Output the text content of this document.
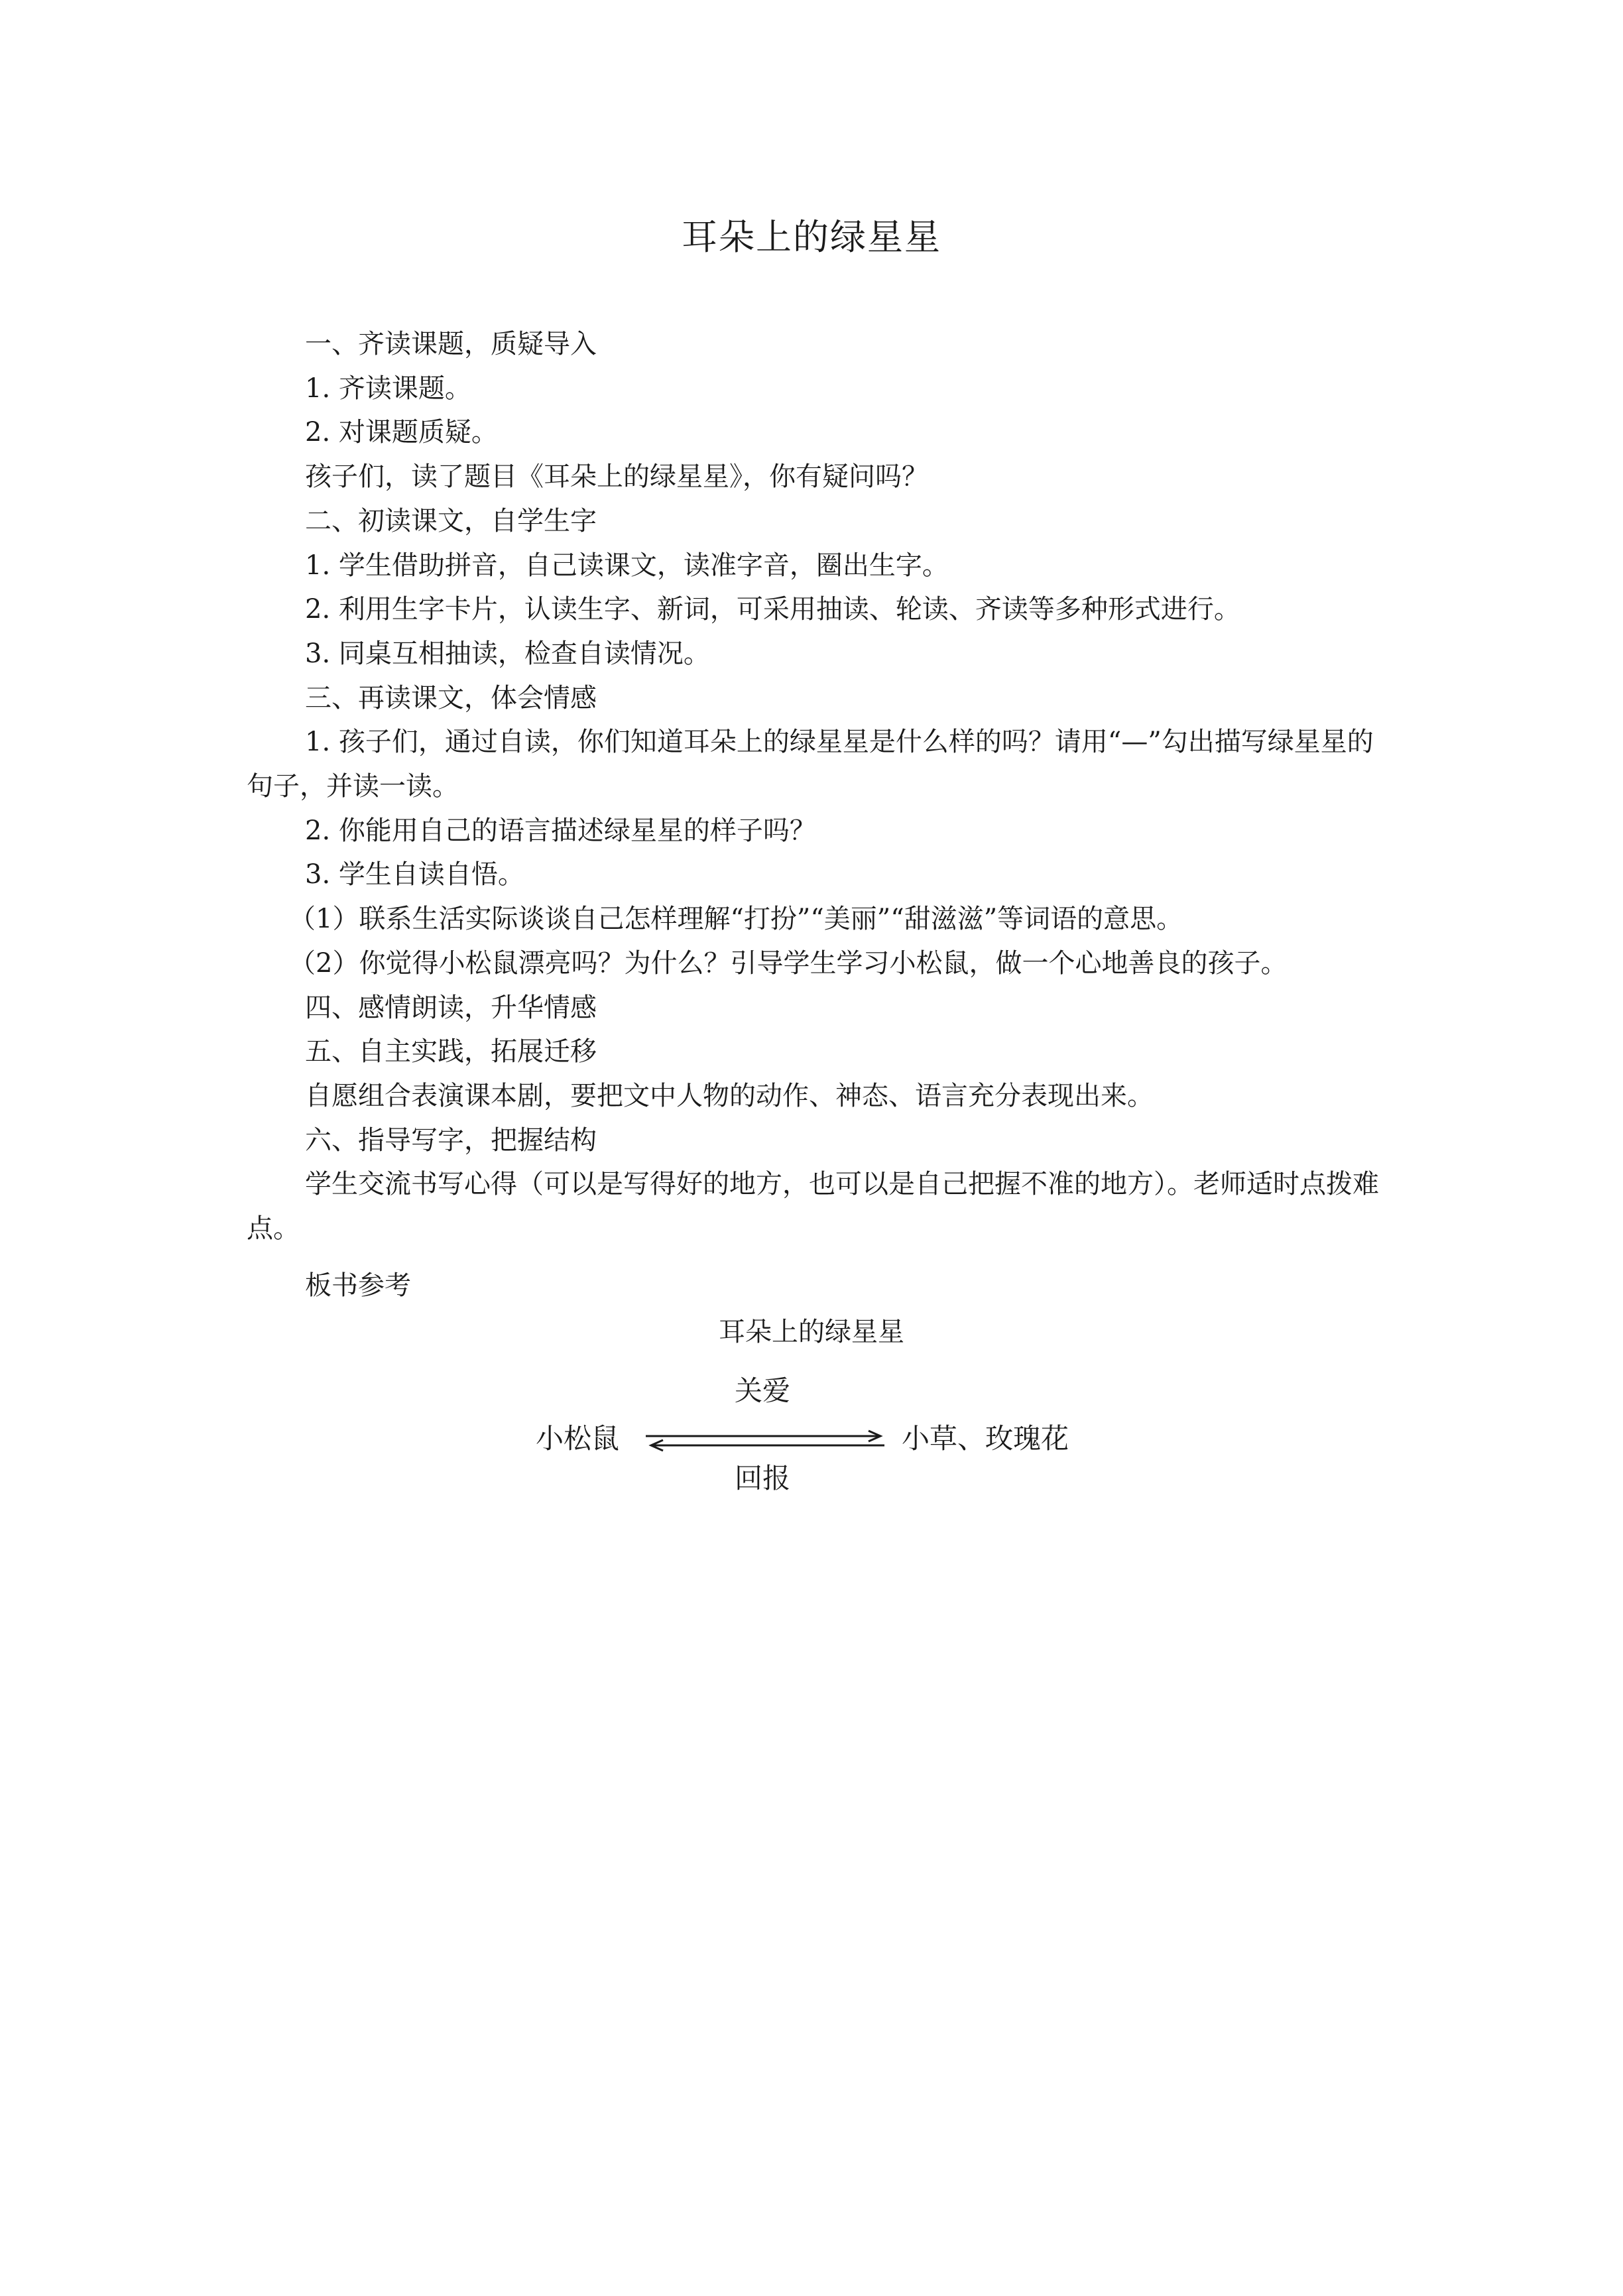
耳朵上的绿星星

一、齐读课题，质疑导入

1. 齐读课题。

2. 对课题质疑。

孩子们，读了题目《耳朵上的绿星星》，你有疑问吗？

二、初读课文，自学生字

1. 学生借助拼音，自己读课文，读准字音，圈出生字。

2. 利用生字卡片，认读生字、新词，可采用抽读、轮读、齐读等多种形式进行。

3. 同桌互相抽读，检查自读情况。

三、再读课文，体会情感

1. 孩子们，通过自读，你们知道耳朵上的绿星星是什么样的吗？请用“—”勾出描写绿星星的句子，并读一读。

2. 你能用自己的语言描述绿星星的样子吗？

3. 学生自读自悟。

（1）联系生活实际谈谈自己怎样理解“打扮”“美丽”“甜滋滋”等词语的意思。

（2）你觉得小松鼠漂亮吗？为什么？引导学生学习小松鼠，做一个心地善良的孩子。

四、感情朗读，升华情感

五、自主实践，拓展迁移

自愿组合表演课本剧，要把文中人物的动作、神态、语言充分表现出来。

六、指导写字，把握结构

学生交流书写心得（可以是写得好的地方，也可以是自己把握不准的地方）。老师适时点拨难点。

板书参考
耳朵上的绿星星
关爱
小松鼠	小草、玫瑰花
回报
